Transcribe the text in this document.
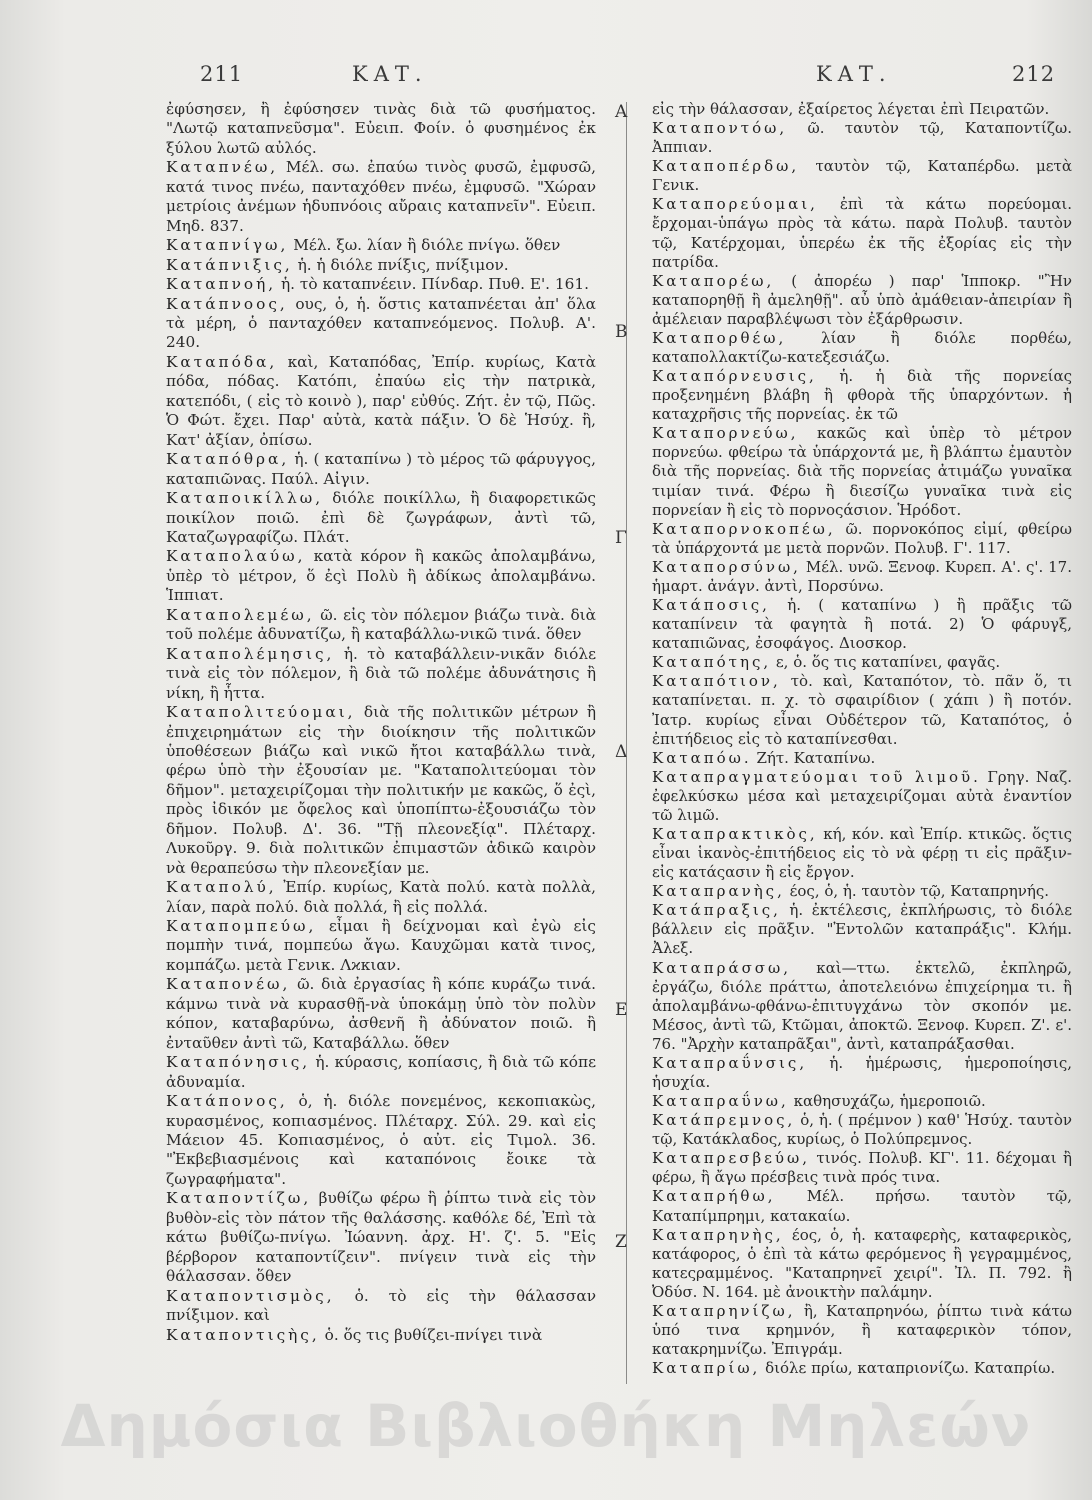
211	ΚΑΤ.	ΚΑΤ.	212

ἐφύσησεν, ἢ ἐφύσησεν τινὰς διὰ τῶ φυσήματος. "Λωτῷ καταπνεῦσμα". Εὐειπ. Φοίν. ὁ φυσημένος ἐκ ξύλου λωτῶ αὐλός.

Καταπνέω, Μέλ. σω. ἐπαύω τινὸς φυσῶ, ἐμφυσῶ, κατά τινος πνέω, πανταχόθεν πνέω, ἐμφυσῶ. "Χώραν μετρίοις ἀνέμων ἡδυπνόοις αὔραις καταπνεῖν". Εὐειπ. Μηδ. 837.

Καταπνίγω, Μέλ. ξω. λίαν ἢ διόλε πνίγω. ὅθεν

Κατάπνιξις, ἡ. ἡ διόλε πνίξις, πνίξιμον.

Καταπνοή, ἡ. τὸ καταπνέειν. Πίνδαρ. Πυθ. Ε'. 161.

Κατάπνοος, ους, ὁ, ἡ. ὅστις καταπνέεται ἀπ' ὅλα τὰ μέρη, ὁ πανταχόθεν καταπνεόμενος. Πολυβ. Α'. 240.

Καταπόδα, καὶ, Καταπόδας, Ἐπίρ. κυρίως, Κατὰ πόδα, πόδας. Κατόπι, ἐπαύω εἰς τὴν πατρικὰ, κατεπόδι, ( εἰς τὸ κοινὸ ), παρ' εὐθύς. Ζήτ. ἐν τῷ, Πῶς. Ὁ Φώτ. ἔχει. Παρ' αὐτὰ, κατὰ πάξιν. Ὁ δὲ Ἡσύχ. ἢ, Κατ' ἀξίαν, ὀπίσω.

Καταπόθρα, ἡ. ( καταπίνω ) τὸ μέρος τῶ φάρυγγος, καταπιῶνας. Παύλ. Αἰγιν.

Καταποικίλλω, διόλε ποικίλλω, ἢ διαφορετικῶς ποικίλον ποιῶ. ἐπὶ δὲ ζωγράφων, ἀντὶ τῶ, Καταζωγραφίζω. Πλάτ.

Καταπολαύω, κατὰ κόρον ἢ κακῶς ἀπολαμβάνω, ὑπὲρ τὸ μέτρον, ὅ ἐςὶ Πολὺ ἢ ἀδίκως ἀπολαμβάνω. Ἱππιατ.

Καταπολεμέω, ῶ. εἰς τὸν πόλεμον βιάζω τινὰ. διὰ τοῦ πολέμε ἀδυνατίζω, ἢ καταβάλλω-νικῶ τινά. ὅθεν

Καταπολέμησις, ἡ. τὸ καταβάλλειν-νικᾶν διόλε τινὰ εἰς τὸν πόλεμον, ἢ διὰ τῶ πολέμε ἀδυνάτησις ἢ νίκη, ἢ ἧττα.

Καταπολιτεύομαι, διὰ τῆς πολιτικῶν μέτρων ἢ ἐπιχειρημάτων εἰς τὴν διοίκησιν τῆς πολιτικῶν ὑποθέσεων βιάζω καὶ νικῶ ἤτοι καταβάλλω τινὰ, φέρω ὑπὸ τὴν ἐξουσίαν με. "Καταπολιτεύομαι τὸν δῆμον". μεταχειρίζομαι τὴν πολιτικήν με κακῶς, ὅ ἐςὶ, πρὸς ἰδικόν με ὄφελος καὶ ὑποπίπτω-ἐξουσιάζω τὸν δῆμον. Πολυβ. Δ'. 36. "Τῇ πλεονεξίᾳ". Πλέταρχ. Λυκοῦργ. 9. διὰ πολιτικῶν ἐπιμαστῶν ἀδικῶ καιρὸν νὰ θεραπεύσω τὴν πλεονεξίαν με.

Καταπολύ, Ἐπίρ. κυρίως, Κατὰ πολύ. κατὰ πολλὰ, λίαν, παρὰ πολύ. διὰ πολλά, ἢ εἰς πολλά.

Καταπομπεύω, εἶμαι ἢ δείχνομαι καὶ ἐγὼ εἰς πομπὴν τινά, πομπεύω ἄγω. Καυχῶμαι κατὰ τινος, κομπάζω. μετὰ Γενικ. Λϰκιαν.

Καταπονέω, ῶ. διὰ ἐργασίας ἢ κόπε κυράζω τινά. κάμνω τινὰ νὰ κυρασθῇ-νὰ ὑποκάμῃ ὑπὸ τὸν πολὺν κόπον, καταβαρύνω, ἀσθενῆ ἢ ἀδύνατον ποιῶ. ἢ ἐνταῦθεν ἀντὶ τῶ, Καταβάλλω. ὅθεν

Καταπόνησις, ἡ. κύρασις, κοπίασις, ἢ διὰ τῶ κόπε ἀδυναμία.

Κατάπονος, ὁ, ἡ. διόλε πονεμένος, κεκοπιακὼς, κυρασμένος, κοπιασμένος. Πλέταρχ. Σύλ. 29. καὶ εἰς Μάειον 45. Κοπιασμένος, ὁ αὐτ. εἰς Τιμολ. 36. "Ἐκβεβιασμένοις καὶ καταπόνοις ἔοικε τὰ ζωγραφήματα".

Καταποντίζω, βυθίζω φέρω ἢ ῥίπτω τινὰ εἰς τὸν βυθὸν-εἰς τὸν πάτον τῆς θαλάσσης. καθόλε δέ, Ἐπὶ τὰ κάτω βυθίζω-πνίγω. Ἰώαννη. ἀρχ. Η'. ζ'. 5. "Εἰς βέρβορον καταποντίζειν". πνίγειν τινὰ εἰς τὴν θάλασσαν. ὅθεν

Καταποντισμὸς, ὁ. τὸ εἰς τὴν θάλασσαν πνίξιμον. καὶ

Καταποντιςὴς, ὁ. ὅς τις βυθίζει-πνίγει τινὰ

εἰς τὴν θάλασσαν, ἐξαίρετος λέγεται ἐπὶ Πειρατῶν.

Καταποντόω, ῶ. ταυτὸν τῷ, Καταποντίζω. Ἀππιαν.

Καταποπέρδω, ταυτὸν τῷ, Καταπέρδω. μετὰ Γενικ.

Καταπορεύομαι, ἐπὶ τὰ κάτω πορεύομαι. ἔρχομαι-ὑπάγω πρὸς τὰ κάτω. παρὰ Πολυβ. ταυτὸν τῷ, Κατέρχομαι, ὑπερέω ἐκ τῆς ἐξορίας εἰς τὴν πατρίδα.

Καταπορέω, ( ἀπορέω ) παρ' Ἱπποκρ. "Ἢν καταπορηθῇ ἢ ἀμεληθῇ". αὖ ὑπὸ ἀμάθειαν-ἀπειρίαν ἢ ἀμέλειαν παραβλέψωσι τὸν ἐξάρθρωσιν.

Καταπορθέω, λίαν ἢ διόλε πορθέω, καταπολλακτίζω-κατεξεσιάζω.

Καταπόρνευσις, ἡ. ἡ διὰ τῆς πορνείας προξενημένη βλάβη ἢ φθορὰ τῆς ὑπαρχόντων. ἡ καταχρῆσις τῆς πορνείας. ἐκ τῶ

Καταπορνεύω, κακῶς καὶ ὑπὲρ τὸ μέτρον πορνεύω. φθείρω τὰ ὑπάρχοντά με, ἢ βλάπτω ἐμαυτὸν διὰ τῆς πορνείας. διὰ τῆς πορνείας ἀτιμάζω γυναῖκα τιμίαν τινά. Φέρω ἢ διεσίζω γυναῖκα τινὰ εἰς πορνείαν ἢ εἰς τὸ πορνοςάσιον. Ἡρόδοτ.

Καταπορνοκοπέω, ῶ. πορνοκόπος εἰμί, φθείρω τὰ ὑπάρχοντά με μετὰ πορνῶν. Πολυβ. Γ'. 117.

Καταπορσύνω, Μέλ. υνῶ. Ξενοφ. Κυρεπ. Α'. ς'. 17. ἡμαρτ. ἀνάγν. ἀντὶ, Πορσύνω.

Κατάποσις, ἡ. ( καταπίνω ) ἢ πρᾶξις τῶ καταπίνειν τὰ φαγητὰ ἢ ποτά. 2) Ὁ φάρυγξ, καταπιῶνας, ἐσοφάγος. Διοσκορ.

Καταπότης, ε, ὁ. ὅς τις καταπίνει, φαγᾶς.

Καταπότιον, τὸ. καὶ, Καταπότον, τὸ. πᾶν ὅ, τι καταπίνεται. π. χ. τὸ σφαιρίδιον ( χάπι ) ἢ ποτόν. Ἰατρ. κυρίως εἶναι Οὐδέτερον τῶ, Καταπότος, ὁ ἐπιτήδειος εἰς τὸ καταπίνεσθαι.

Καταπόω. Ζήτ. Καταπίνω.

Καταπραγματεύομαι τοῦ λιμοῦ. Γρηγ. Ναζ. ἐφελκύσκω μέσα καὶ μεταχειρίζομαι αὐτὰ ἐναντίον τῶ λιμῶ.

Καταπρακτικὸς, κή, κόν. καὶ Ἐπίρ. κτικῶς. ὅςτις εἶναι ἱκανὸς-ἐπιτήδειος εἰς τὸ νὰ φέρῃ τι εἰς πρᾶξιν-εἰς κατάςασιν ἢ εἰς ἔργον.

Καταπρανὴς, έος, ὁ, ἡ. ταυτὸν τῷ, Καταπρηνής.

Κατάπραξις, ἡ. ἐκτέλεσις, ἐκπλήρωσις, τὸ διόλε βάλλειν εἰς πρᾶξιν. "Ἐντολῶν καταπράξις". Κλήμ. Ἀλεξ.

Καταπράσσω, καὶ—ττω. ἐκτελῶ, ἐκπληρῶ, ἐργάζω, διόλε πράττω, ἀποτελειόνω ἐπιχείρημα τι. ἢ ἀπολαμβάνω-φθάνω-ἐπιτυγχάνω τὸν σκοπόν με. Μέσος, ἀντὶ τῶ, Κτῶμαι, ἀποκτῶ. Ξενοφ. Κυρεπ. Ζ'. ε'. 76. "Ἀρχὴν καταπρᾶξαι", ἀντὶ, καταπράξασθαι.

Καταπραΰνσις, ἡ. ἡμέρωσις, ἡμεροποίησις, ἡσυχία.

Καταπραΰνω, καθησυχάζω, ἡμεροποιῶ.

Κατάπρεμνος, ὁ, ἡ. ( πρέμνον ) καθ' Ἡσύχ. ταυτὸν τῷ, Κατάκλαδος, κυρίως, ὁ Πολύπρεμνος.

Καταπρεσβεύω, τινός. Πολυβ. ΚΓ'. 11. δέχομαι ἢ φέρω, ἢ ἄγω πρέσβεις τινὰ πρός τινα.

Καταπρήθω, Μέλ. πρήσω. ταυτὸν τῷ, Καταπίμπρημι, κατακαίω.

Καταπρηνὴς, έος, ὁ, ἡ. καταφερὴς, καταφερικὸς, κατάφορος, ὁ ἐπὶ τὰ κάτω φερόμενος ἢ γεγραμμένος, κατεςραμμένος. "Καταπρηνεῖ χειρί". Ἰλ. Π. 792. ἢ Ὀδύσ. Ν. 164. μὲ ἀνοικτὴν παλάμην.

Καταπρηνίζω, ἢ, Καταπρηνόω, ῥίπτω τινὰ κάτω ὑπό τινα κρημνόν, ἢ καταφερικὸν τόπον, κατακρημνίζω. Ἐπιγράμ.

Καταπρίω, διόλε πρίω, καταπριονίζω. Καταπρίω.

Α
Β
Γ
Δ
Ε
Ζ
Δημόσια Βιβλιοθήκη Μηλεών
